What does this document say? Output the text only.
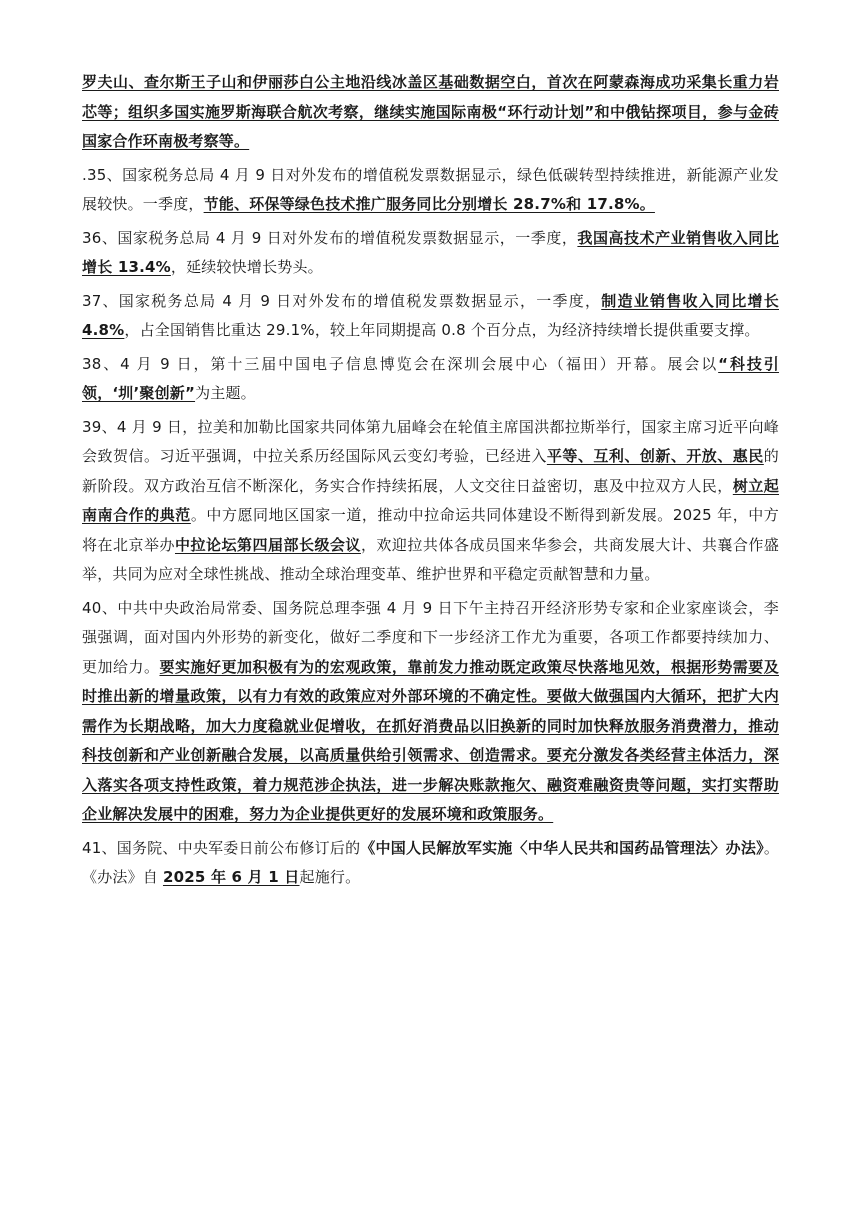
罗夫山、查尔斯王子山和伊丽莎白公主地沿线冰盖区基础数据空白，首次在阿蒙森海成功采集长重力岩芯等；组织多国实施罗斯海联合航次考察，继续实施国际南极“环行动计划”和中俄钻探项目，参与金砖国家合作环南极考察等。

.35、国家税务总局 4 月 9 日对外发布的增值税发票数据显示，绿色低碳转型持续推进，新能源产业发展较快。一季度，节能、环保等绿色技术推广服务同比分别增长 28.7%和 17.8%。

36、国家税务总局 4 月 9 日对外发布的增值税发票数据显示，一季度，我国高技术产业销售收入同比增长 13.4%，延续较快增长势头。

37、国家税务总局 4 月 9 日对外发布的增值税发票数据显示，一季度，制造业销售收入同比增长 4.8%，占全国销售比重达 29.1%，较上年同期提高 0.8 个百分点，为经济持续增长提供重要支撑。

38、4 月 9 日，第十三届中国电子信息博览会在深圳会展中心（福田）开幕。展会以“科技引领，‘圳’聚创新”为主题。

39、4 月 9 日，拉美和加勒比国家共同体第九届峰会在轮值主席国洪都拉斯举行，国家主席习近平向峰会致贺信。习近平强调，中拉关系历经国际风云变幻考验，已经进入平等、互利、创新、开放、惠民的新阶段。双方政治互信不断深化，务实合作持续拓展，人文交往日益密切，惠及中拉双方人民，树立起南南合作的典范。中方愿同地区国家一道，推动中拉命运共同体建设不断得到新发展。2025 年，中方将在北京举办中拉论坛第四届部长级会议，欢迎拉共体各成员国来华参会，共商发展大计、共襄合作盛举，共同为应对全球性挑战、推动全球治理变革、维护世界和平稳定贡献智慧和力量。

40、中共中央政治局常委、国务院总理李强 4 月 9 日下午主持召开经济形势专家和企业家座谈会，李强强调，面对国内外形势的新变化，做好二季度和下一步经济工作尤为重要，各项工作都要持续加力、更加给力。要实施好更加积极有为的宏观政策，靠前发力推动既定政策尽快落地见效，根据形势需要及时推出新的增量政策，以有力有效的政策应对外部环境的不确定性。要做大做强国内大循环，把扩大内需作为长期战略，加大力度稳就业促增收，在抓好消费品以旧换新的同时加快释放服务消费潜力，推动科技创新和产业创新融合发展，以高质量供给引领需求、创造需求。要充分激发各类经营主体活力，深入落实各项支持性政策，着力规范涉企执法，进一步解决账款拖欠、融资难融资贵等问题，实打实帮助企业解决发展中的困难，努力为企业提供更好的发展环境和政策服务。

41、国务院、中央军委日前公布修订后的《中国人民解放军实施〈中华人民共和国药品管理法〉办法》。《办法》自 2025 年 6 月 1 日起施行。
